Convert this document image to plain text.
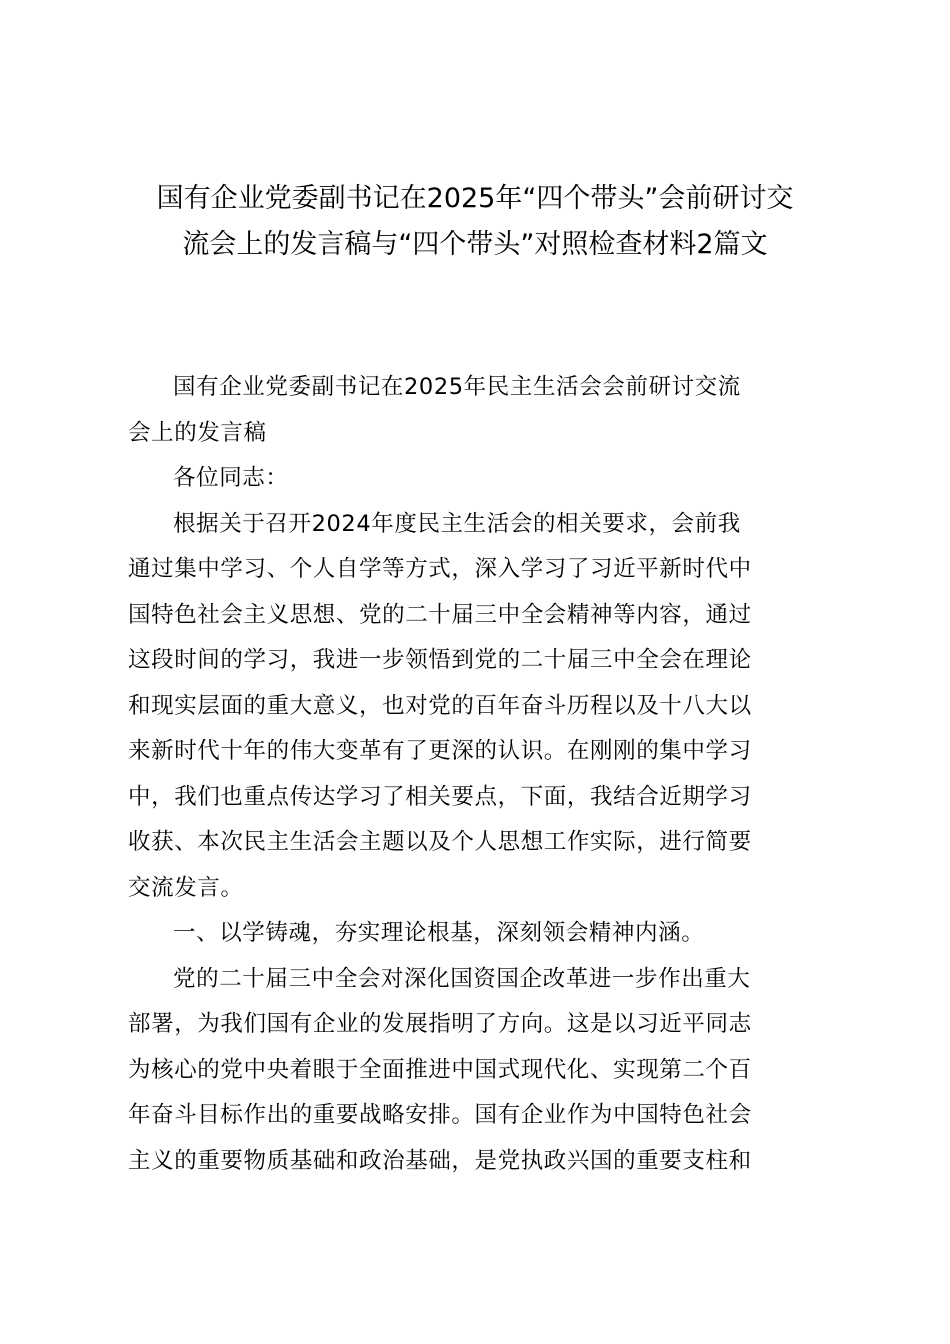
国有企业党委副书记在2025年“四个带头”会前研讨交
流会上的发言稿与“四个带头”对照检查材料2篇文

国有企业党委副书记在2025年民主生活会会前研讨交流
会上的发言稿

各位同志：

根据关于召开2024年度民主生活会的相关要求，会前我
通过集中学习、个人自学等方式，深入学习了习近平新时代中
国特色社会主义思想、党的二十届三中全会精神等内容，通过
这段时间的学习，我进一步领悟到党的二十届三中全会在理论
和现实层面的重大意义，也对党的百年奋斗历程以及十八大以
来新时代十年的伟大变革有了更深的认识。在刚刚的集中学习
中，我们也重点传达学习了相关要点，下面，我结合近期学习
收获、本次民主生活会主题以及个人思想工作实际，进行简要
交流发言。

一、以学铸魂，夯实理论根基，深刻领会精神内涵。

党的二十届三中全会对深化国资国企改革进一步作出重大
部署，为我们国有企业的发展指明了方向。这是以习近平同志
为核心的党中央着眼于全面推进中国式现代化、实现第二个百
年奋斗目标作出的重要战略安排。国有企业作为中国特色社会
主义的重要物质基础和政治基础，是党执政兴国的重要支柱和
